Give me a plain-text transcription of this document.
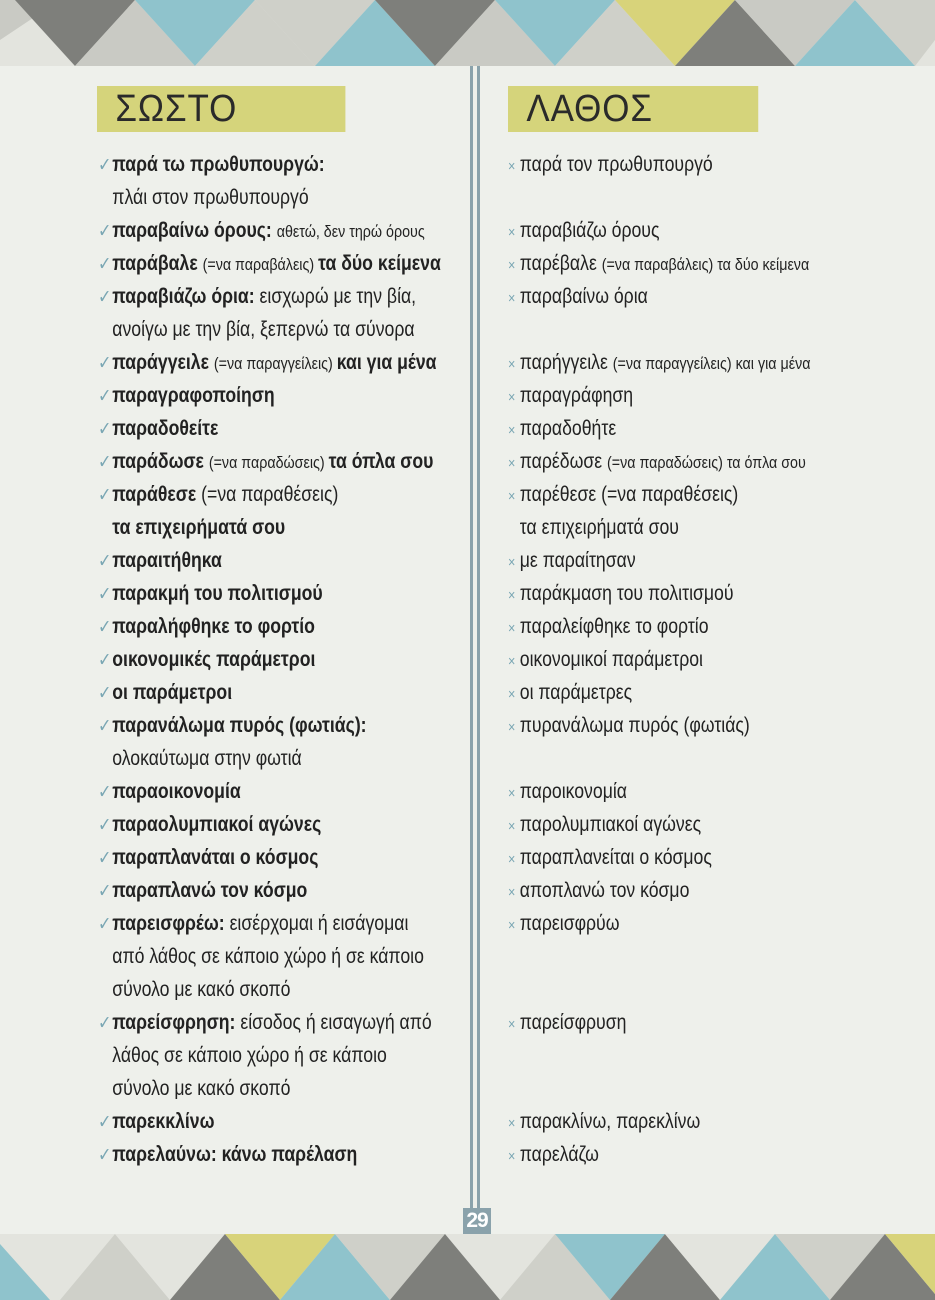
ΣΩΣΤΟ	ΛΑΘΟΣ
✓παρά τω πρωθυπουργώ:
πλάι στον πρωθυπουργό
✓παραβαίνω όρους: αθετώ, δεν τηρώ όρους
✓παράβαλε (=να παραβάλεις) τα δύο κείμενα
✓παραβιάζω όρια: εισχωρώ με την βία,
ανοίγω με την βία, ξεπερνώ τα σύνορα
✓παράγγειλε (=να παραγγείλεις) και για μένα
✓παραγραφοποίηση
✓παραδοθείτε
✓παράδωσε (=να παραδώσεις) τα όπλα σου
✓παράθεσε (=να παραθέσεις)
τα επιχειρήματά σου
✓παραιτήθηκα
✓παρακμή του πολιτισμού
✓παραλήφθηκε το φορτίο
✓οικονομικές παράμετροι
✓οι παράμετροι
✓παρανάλωμα πυρός (φωτιάς):
ολοκαύτωμα στην φωτιά
✓παραοικονομία
✓παραολυμπιακοί αγώνες
✓παραπλανάται ο κόσμος
✓παραπλανώ τον κόσμο
✓παρεισφρέω: εισέρχομαι ή εισάγομαι
από λάθος σε κάποιο χώρο ή σε κάποιο
σύνολο με κακό σκοπό
✓παρείσφρηση: είσοδος ή εισαγωγή από
λάθος σε κάποιο χώρο ή σε κάποιο
σύνολο με κακό σκοπό
✓παρεκκλίνω
✓παρελαύνω: κάνω παρέλαση
× παρά τον πρωθυπουργό
× παραβιάζω όρους
× παρέβαλε (=να παραβάλεις) τα δύο κείμενα
× παραβαίνω όρια
× παρήγγειλε (=να παραγγείλεις) και για μένα
× παραγράφηση
× παραδοθήτε
× παρέδωσε (=να παραδώσεις) τα όπλα σου
× παρέθεσε (=να παραθέσεις)
τα επιχειρήματά σου
× με παραίτησαν
× παράκμαση του πολιτισμού
× παραλείφθηκε το φορτίο
× οικονομικοί παράμετροι
× οι παράμετρες
× πυρανάλωμα πυρός (φωτιάς)
× παροικονομία
× παρολυμπιακοί αγώνες
× παραπλανείται ο κόσμος
× αποπλανώ τον κόσμο
× παρεισφρύω
× παρείσφρυση
× παρακλίνω, παρεκλίνω
× παρελάζω
29
